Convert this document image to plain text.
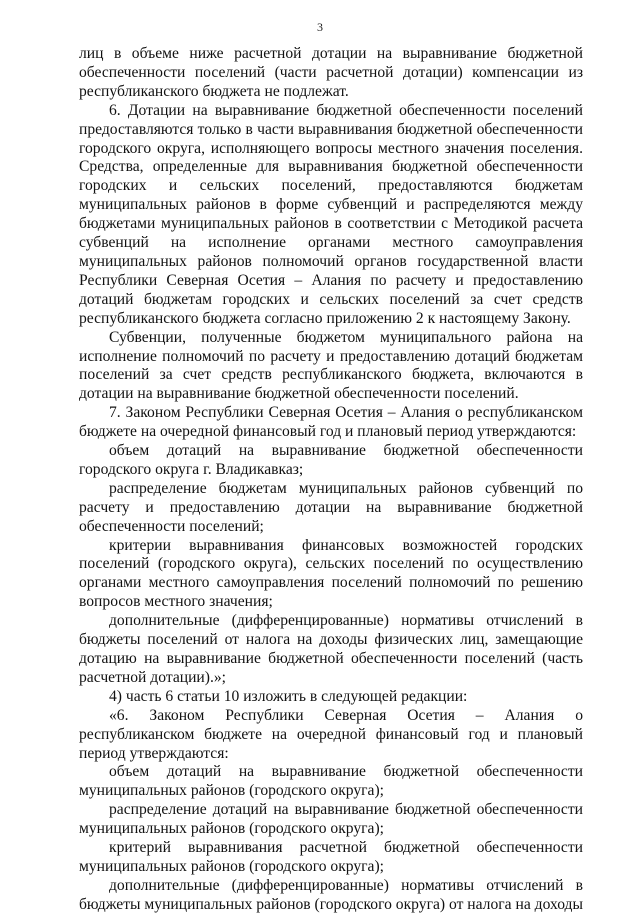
3

лиц в объеме ниже расчетной дотации на выравнивание бюджетной обеспеченности поселений (части расчетной дотации) компенсации из республиканского бюджета не подлежат.

6. Дотации на выравнивание бюджетной обеспеченности поселений предоставляются только в части выравнивания бюджетной обеспеченности городского округа, исполняющего вопросы местного значения поселения. Средства, определенные для выравнивания бюджетной обеспеченности городских и сельских поселений, предоставляются бюджетам муниципальных районов в форме субвенций и распределяются между бюджетами муниципальных районов в соответствии с Методикой расчета субвенций на исполнение органами местного самоуправления муниципальных районов полномочий органов государственной власти Республики Северная Осетия – Алания по расчету и предоставлению дотаций бюджетам городских и сельских поселений за счет средств республиканского бюджета согласно приложению 2 к настоящему Закону.

Субвенции, полученные бюджетом муниципального района на исполнение полномочий по расчету и предоставлению дотаций бюджетам поселений за счет средств республиканского бюджета, включаются в дотации на выравнивание бюджетной обеспеченности поселений.

7. Законом Республики Северная Осетия – Алания о республиканском бюджете на очередной финансовый год и плановый период утверждаются:

объем дотаций на выравнивание бюджетной обеспеченности городского округа г. Владикавказ;

распределение бюджетам муниципальных районов субвенций по расчету и предоставлению дотации на выравнивание бюджетной обеспеченности поселений;

критерии выравнивания финансовых возможностей городских поселений (городского округа), сельских поселений по осуществлению органами местного самоуправления поселений полномочий по решению вопросов местного значения;

дополнительные (дифференцированные) нормативы отчислений в бюджеты поселений от налога на доходы физических лиц, замещающие дотацию на выравнивание бюджетной обеспеченности поселений (часть расчетной дотации).»;

4) часть 6 статьи 10 изложить в следующей редакции:

«6. Законом Республики Северная Осетия – Алания о республиканском бюджете на очередной финансовый год и плановый период утверждаются:

объем дотаций на выравнивание бюджетной обеспеченности муниципальных районов (городского округа);

распределение дотаций на выравнивание бюджетной обеспеченности муниципальных районов (городского округа);

критерий выравнивания расчетной бюджетной обеспеченности муниципальных районов (городского округа);

дополнительные (дифференцированные) нормативы отчислений в бюджеты муниципальных районов (городского округа) от налога на доходы
